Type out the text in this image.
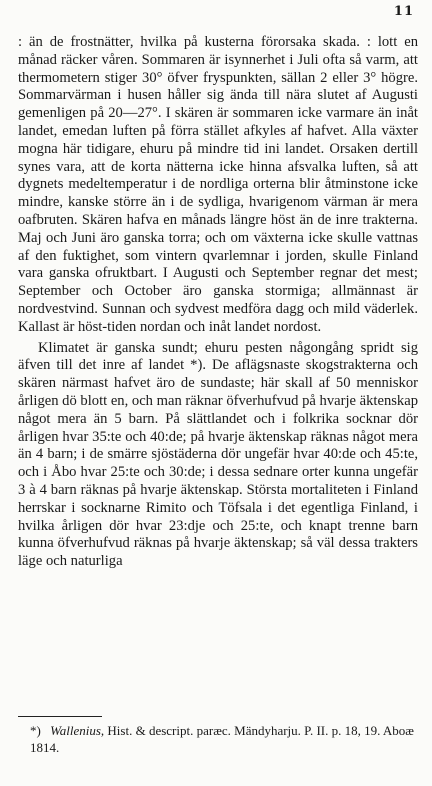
11

: än de frostnätter, hvilka på kusterna förorsaka skada. : lott en månad räcker våren. Sommaren är isynnerhet i Juli ofta så varm, att thermometern stiger 30° öfver fryspunkten, sällan 2 eller 3° högre. Sommarvärman i husen håller sig ända till nära slutet af Augusti gemenligen på 20—27°. I skären är sommaren icke varmare än inåt landet, emedan luften på förra stället afkyles af hafvet. Alla växter mogna här tidigare, ehuru på mindre tid ini landet. Orsaken dertill synes vara, att de korta nätterna icke hinna afsvalka luften, så att dygnets medeltemperatur i de nordliga orterna blir åtminstone icke mindre, kanske större än i de sydliga, hvarigenom värman är mera oafbruten. Skären hafva en månads längre höst än de inre trakterna. Maj och Juni äro ganska torra; och om växterna icke skulle vattnas af den fuktighet, som vintern qvarlemnar i jorden, skulle Finland vara ganska ofruktbart. I Augusti och September regnar det mest; September och October äro ganska stormiga; allmännast är nordvestvind. Sunnan och sydvest medföra dagg och mild väderlek. Kallast är höst-tiden nordan och inåt landet nordost.

Klimatet är ganska sundt; ehuru pesten någongång spridt sig äfven till det inre af landet *). De aflägsnaste skogstrakterna och skären närmast hafvet äro de sundaste; här skall af 50 menniskor årligen dö blott en, och man räknar öfverhufvud på hvarje äktenskap något mera än 5 barn. På slättlandet och i folkrika socknar dör årligen hvar 35:te och 40:de; på hvarje äktenskap räknas något mera än 4 barn; i de smärre sjöstäderna dör ungefär hvar 40:de och 45:te, och i Åbo hvar 25:te och 30:de; i dessa sednare orter kunna ungefär 3 à 4 barn räknas på hvarje äktenskap. Största mortaliteten i Finland herrskar i socknarne Rimito och Töfsala i det egentliga Finland, i hvilka årligen dör hvar 23:dje och 25:te, och knapt trenne barn kunna öfverhufvud räknas på hvarje äktenskap; så väl dessa trakters läge och naturliga

*) Wallenius, Hist. & descript. paræc. Mändyharju. P. II. p. 18, 19. Aboæ 1814.
